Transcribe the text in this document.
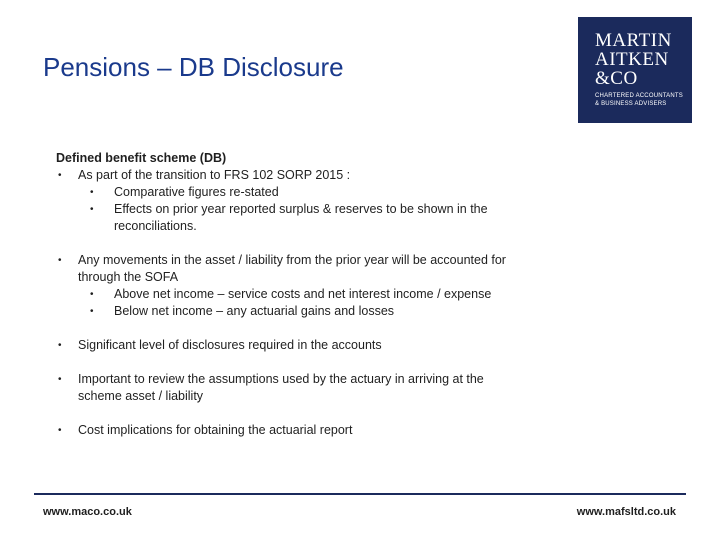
Pensions – DB Disclosure
MARTIN
AITKEN
&CO
CHARTERED ACCOUNTANTS
& BUSINESS ADVISERS
Defined benefit scheme (DB)
• As part of the transition to FRS 102 SORP 2015 :
• Comparative figures re-stated
• Effects on prior year reported surplus & reserves to be shown in the reconciliations.
• Any movements in the asset / liability from the prior year will be accounted for through the SOFA
• Above net income – service costs and net interest income / expense
• Below net income – any actuarial gains and losses
• Significant level of disclosures required in the accounts
• Important to review the assumptions used by the actuary in arriving at the scheme asset / liability
• Cost implications for obtaining the actuarial report
www.maco.co.uk	www.mafsltd.co.uk
